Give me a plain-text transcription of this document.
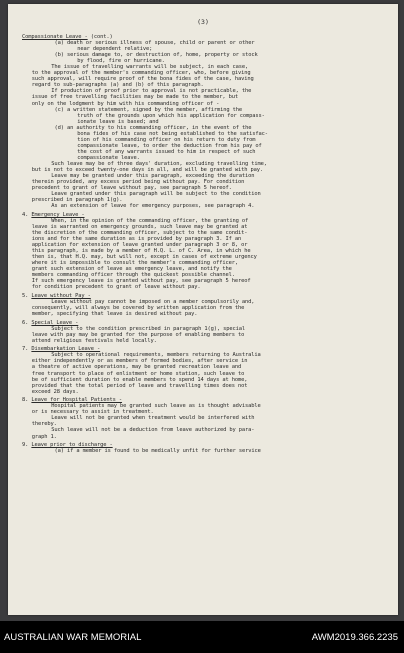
(3)
Compassionate Leave - (cont.)
(a) death or serious illness of spouse, child or parent or other
near dependent relative;
(b) serious damage to, or destruction of, home, property or stock
by flood, fire or hurricane.
The issue of travelling warrants will be subject, in each case,
to the approval of the member's commanding officer, who, before giving
such approval, will require proof of the bona fides of the case, having
regard to sub-paragraphs (a) and (b) of this paragraph.
If production of proof prior to approval is not practicable, the
issue of free travelling facilities may be made to the member, but
only on the lodgment by him with his commanding officer of -
(c) a written statement, signed by the member, affirming the
truth of the grounds upon which his application for compass-
ionate leave is based; and
(d) an authority to his commanding officer, in the event of the
bona fides of his case not being established to the satisfac-
tion of his commanding officer on his return to duty from
compassionate leave, to order the deduction from his pay of
the cost of any warrants issued to him in respect of such
compassionate leave.
Such leave may be of three days' duration, excluding travelling time,
but is not to exceed twenty-one days in all, and will be granted with pay.
Leave may be granted under this paragraph, exceeding the duration
therein provided, any excess period being without pay. For condition
precedent to grant of leave without pay, see paragraph 5 hereof.
Leave granted under this paragraph will be subject to the condition
prescribed in paragraph 1(g).
As an extension of leave for emergency purposes, see paragraph 4.
4. Emergency Leave -
When, in the opinion of the commanding officer, the granting of
leave is warranted on emergency grounds, such leave may be granted at
the discretion of the commanding officer, subject to the same condit-
ions and for the same duration as is provided by paragraph 3. If an
application for extension of leave granted under paragraph 3 or 8, or
this paragraph, is made by a member of H.Q. L. of C. Area, in which he
then is, that H.Q. may, but will not, except in cases of extreme urgency
where it is impossible to consult the member's commanding officer,
grant such extension of leave as emergency leave, and notify the
members commanding officer through the quickest possible channel.
If such emergency leave is granted without pay, see paragraph 5 hereof
for condition precedent to grant of leave without pay.
5. Leave without Pay -
Leave without pay cannot be imposed on a member compulsorily and,
consequently, will always be covered by written application from the
member, specifying that leave is desired without pay.
6. Special Leave -
Subject to the condition prescribed in paragraph 1(g), special
leave with pay may be granted for the purpose of enabling members to
attend religious festivals held locally.
7. Disembarkation Leave -
Subject to operational requirements, members returning to Australia
either independently or as members of formed bodies, after service in
a theatre of active operations, may be granted recreation leave and
free transport to place of enlistment or home station, such leave to
be of sufficient duration to enable members to spend 14 days at home,
provided that the total period of leave and travelling times does not
exceed 28 days.
8. Leave for Hospital Patients -
Hospital patients may be granted such leave as is thought advisable
or is necessary to assist in treatment.
Leave will not be granted when treatment would be interfered with
thereby.
Such leave will not be a deduction from leave authorized by para-
graph 1.
9. Leave prior to discharge -
(a) if a member is found to be medically unfit for further service
AUSTRALIAN WAR MEMORIAL	AWM2019.366.2235
